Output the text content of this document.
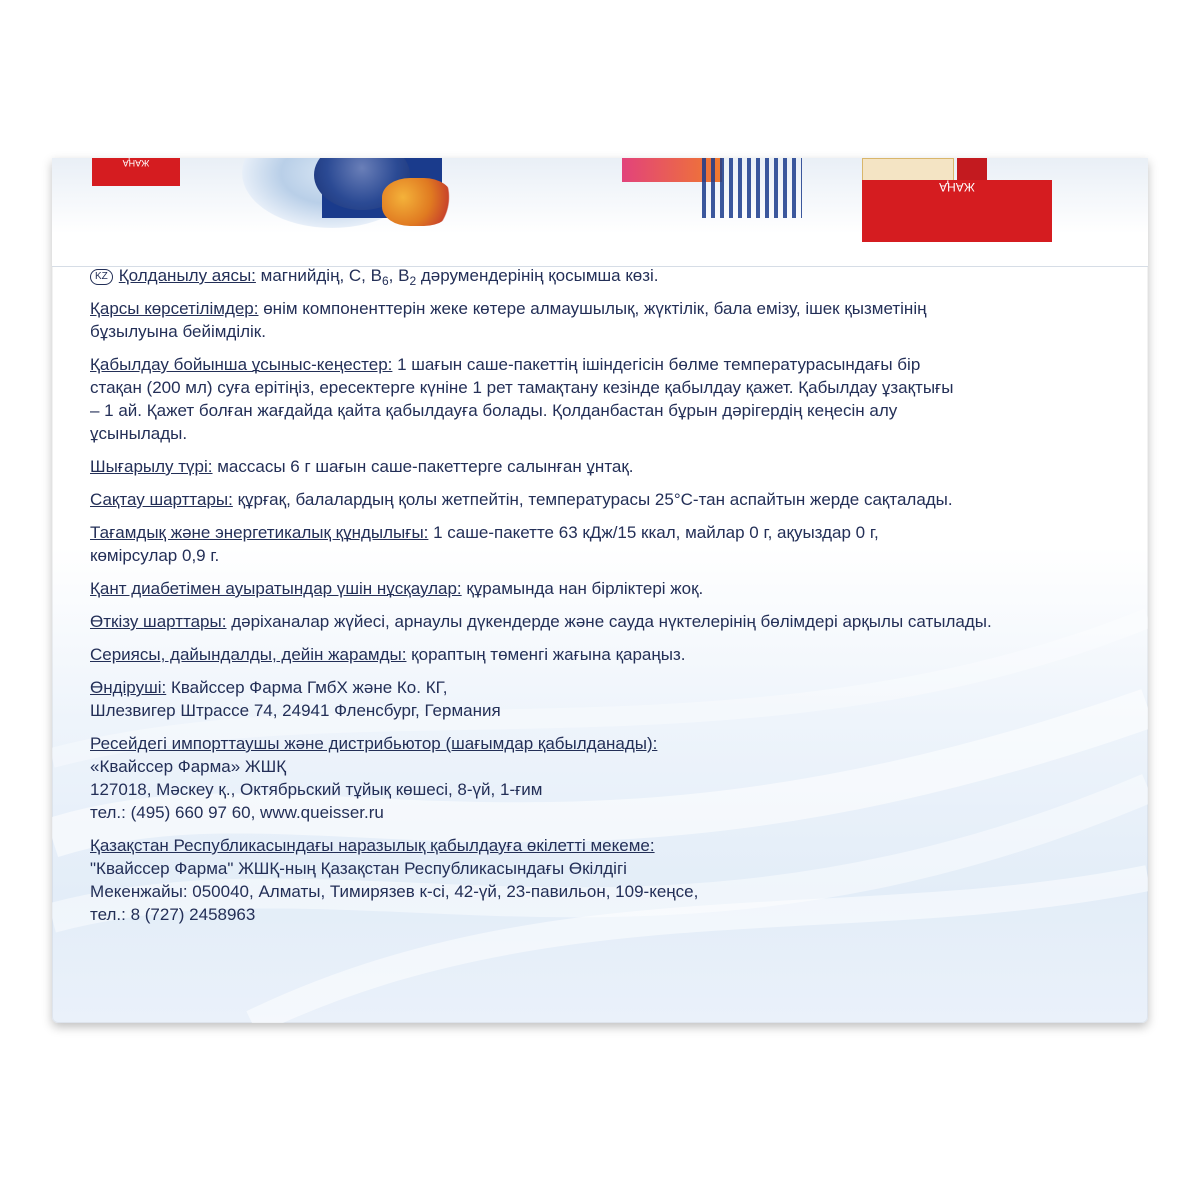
ЖАҢА
ЖАҢА
KZ Қолданылу аясы: магнийдің, С, $В_6$, $В_2$ дәрумендерінің қосымша көзі.
Қарсы көрсетілімдер: өнім компоненттерін жеке көтере алмаушылық, жүктілік, бала емізу, ішек қызметінің
бұзылуына бейімділік.
Қабылдау бойынша ұсыныс-кеңестер: 1 шағын саше-пакеттің ішіндегісін бөлме температурасындағы бір
стақан (200 мл) суға ерітіңіз, ересектерге күніне 1 рет тамақтану кезінде қабылдау қажет. Қабылдау ұзақтығы
– 1 ай. Қажет болған жағдайда қайта қабылдауға болады. Қолданбастан бұрын дәрігердің кеңесін алу
ұсынылады.
Шығарылу түрі: массасы 6 г шағын саше-пакеттерге салынған ұнтақ.
Сақтау шарттары: құрғақ, балалардың қолы жетпейтін, температурасы 25°С-тан аспайтын жерде сақталады.
Тағамдық және энергетикалық құндылығы: 1 саше-пакетте 63 кДж/15 ккал, майлар 0 г, ақуыздар 0 г,
көмірсулар 0,9 г.
Қант диабетімен ауыратындар үшін нұсқаулар: құрамында нан бірліктері жоқ.
Өткізу шарттары: дәріханалар жүйесі, арнаулы дүкендерде және сауда нүктелерінің бөлімдері арқылы сатылады.
Сериясы, дайындалды, дейін жарамды: қораптың төменгі жағына қараңыз.
Өндіруші: Квайссер Фарма ГмбХ және Ко. КГ,
Шлезвигер Штрассе 74, 24941 Фленсбург, Германия
Ресейдегі импорттаушы және дистрибьютор (шағымдар қабылданады):
«Квайссер Фарма» ЖШҚ
127018, Мәскеу қ., Октябрьский тұйық көшесі, 8-үй, 1-ғим
тел.: (495) 660 97 60, www.queisser.ru
Қазақстан Республикасындағы наразылық қабылдауға өкілетті мекеме:
"Квайссер Фарма" ЖШҚ-ның Қазақстан Республикасындағы Өкілдігі
Мекенжайы: 050040, Алматы, Тимирязев к-сі, 42-үй, 23-павильон, 109-кеңсе,
тел.: 8 (727) 2458963
